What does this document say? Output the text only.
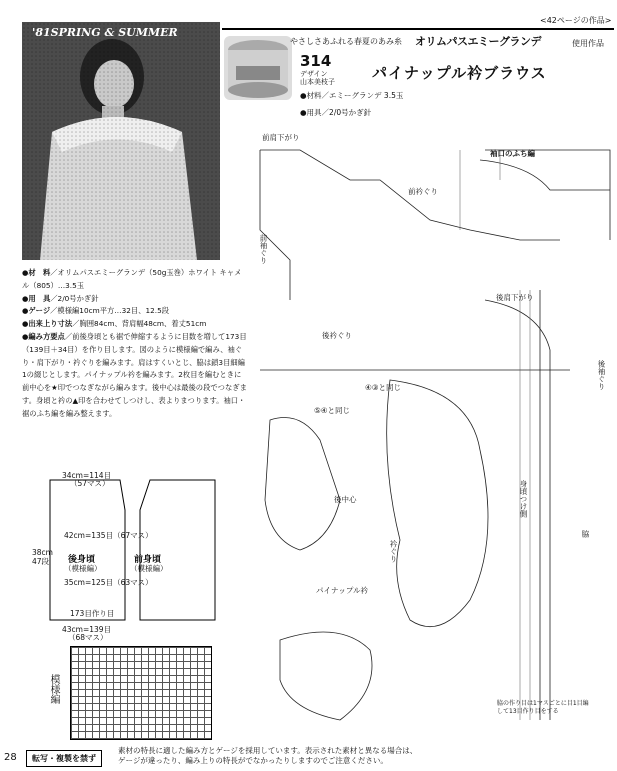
<42ページの作品>
'81SPRING & SUMMER
やさしさあふれる春夏のあみ糸 オリムパスエミーグランデ	使用作品
314
デザイン
山本美枝子 パイナップル衿ブラウス
●材料／エミーグランデ 3.5玉
●用具／2/0号かぎ針

●材　料／オリムパスエミーグランデ（50g玉巻）ホワイト キャメル（805）…3.5玉

●用　具／2/0号かぎ針

●ゲージ／模様編10cm平方…32目、12.5段

●出来上り寸法／胸囲84cm、背肩幅48cm、着丈51cm

●編み方要点／前後身頃とも裾で伸縮するように目数を増して173目（139目＋34目）を作り目します。図のように模様編で編み、袖ぐり・肩下がり・衿ぐりを編みます。肩はすくいとじ、脇は鎖3目細編1の綴じとします。パイナップル衿を編みます。2枚目を編むときに前中心を★印でつなぎながら編みます。後中心は最後の段でつなぎます。身頃と衿の▲印を合わせてしつけし、表よりまつります。袖口・裾のふち編を編み整えます。

前肩下がり
前衿ぐり
前袖ぐり
袖口のふち編
後肩下がり
後衿ぐり
後袖ぐり
④③と同じ
⑤④と同じ
身頃つけ側
衿ぐり
脇
後中心
パイナップル衿
脇の作り目は1マスごとに目1目編して13目作り目をする
34cm=114目
（57マス）
42cm=135目（67マス）
後身頃
（模様編）
前身頃
（模様編）
35cm=125目（63マス）
173目作り目
43cm=139目
（68マス）
38cm
47段
模様編
28	転写・複製を禁ず
素材の特長に適した編み方とゲージを採用しています。表示された素材と異なる場合は、
ゲージが違ったり、編み上りの特長がでなかったりしますのでご注意ください。
